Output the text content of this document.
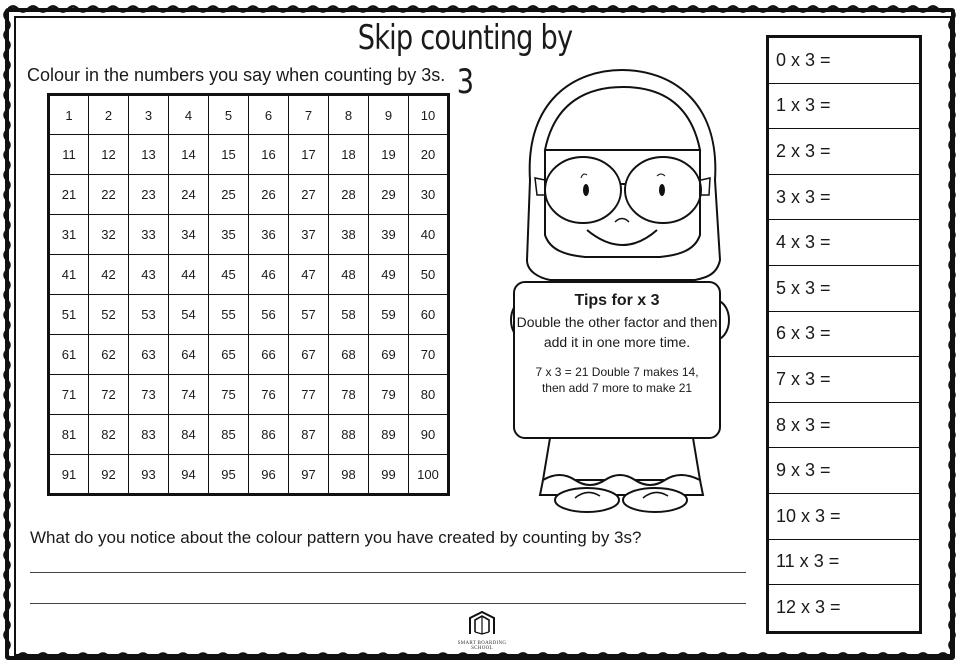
Skip counting by 3
Colour in the numbers you say when counting by 3s.
1	2	3	4	5	6	7	8	9	10
11	12	13	14	15	16	17	18	19	20
21	22	23	24	25	26	27	28	29	30
31	32	33	34	35	36	37	38	39	40
41	42	43	44	45	46	47	48	49	50
51	52	53	54	55	56	57	58	59	60
61	62	63	64	65	66	67	68	69	70
71	72	73	74	75	76	77	78	79	80
81	82	83	84	85	86	87	88	89	90
91	92	93	94	95	96	97	98	99	100
Tips for x 3
Double the other factor and then add it in one more time.
7 x 3 = 21 Double 7 makes 14, then add 7 more to make 21
What do you notice about the colour pattern you have created by counting by 3s?
SMART BOARDING SCHOOL
0 x 3 =
1 x 3 =
2 x 3 =
3 x 3 =
4 x 3 =
5 x 3 =
6 x 3 =
7 x 3 =
8 x 3 =
9 x 3 =
10 x 3 =
11 x 3 =
12 x 3 =
